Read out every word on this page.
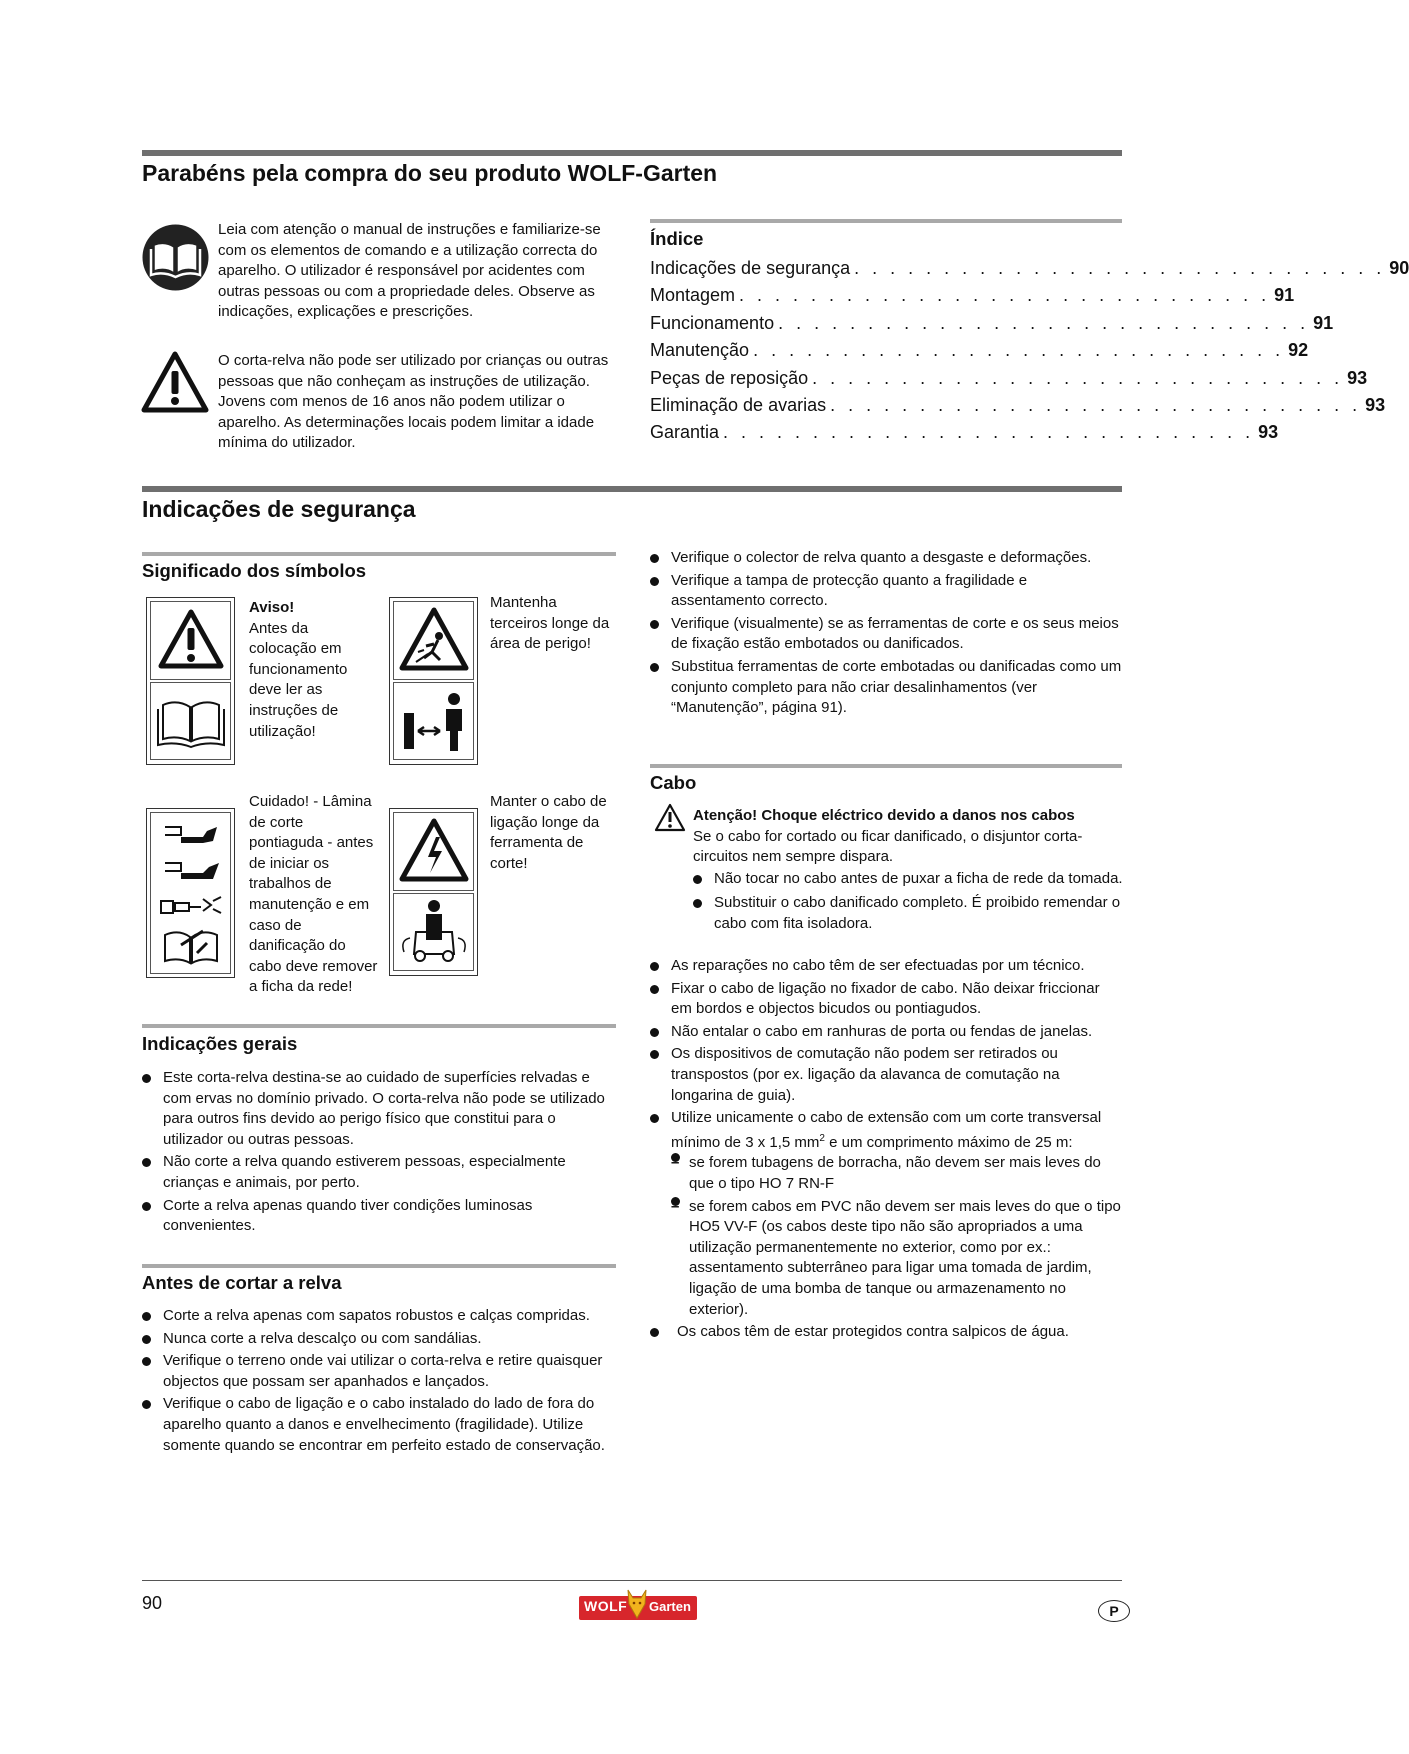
Parabéns pela compra do seu produto WOLF-Garten
Leia com atenção o manual de instruções e familiarize-se com os elementos de comando e a utilização correcta do aparelho. O utilizador é responsável por acidentes com outras pessoas ou com a propriedade deles. Observe as indicações, explicações e prescrições.
O corta-relva não pode ser utilizado por crianças ou outras pessoas que não conheçam as instruções de utilização. Jovens com menos de 16 anos não podem utilizar o aparelho. As determinações locais podem limitar a idade mínima do utilizador.
Índice
Indicações de segurança . . . . . . . . . . . . . . . . . . . . . . . . . . . . . . 90
Montagem . . . . . . . . . . . . . . . . . . . . . . . . . . . . . . 91
Funcionamento . . . . . . . . . . . . . . . . . . . . . . . . . . . . . . 91
Manutenção . . . . . . . . . . . . . . . . . . . . . . . . . . . . . . 92
Peças de reposição . . . . . . . . . . . . . . . . . . . . . . . . . . . . . . 93
Eliminação de avarias . . . . . . . . . . . . . . . . . . . . . . . . . . . . . . 93
Garantia . . . . . . . . . . . . . . . . . . . . . . . . . . . . . . 93
Indicações de segurança
Significado dos símbolos
Aviso!
Antes da colocação em funcionamento deve ler as instruções de utilização!
Mantenha terceiros longe da área de perigo!
Cuidado! - Lâmina de corte pontiaguda - antes de iniciar os trabalhos de manutenção e em caso de danificação do cabo deve remover a ficha da rede!
Manter o cabo de ligação longe da ferramenta de corte!
Indicações gerais
Este corta-relva destina-se ao cuidado de superfícies relvadas e com ervas no domínio privado. O corta-relva não pode se utilizado para outros fins devido ao perigo físico que constitui para o utilizador ou outras pessoas.
Não corte a relva quando estiverem pessoas, especialmente crianças e animais, por perto.
Corte a relva apenas quando tiver condições luminosas convenientes.
Antes de cortar a relva
Corte a relva apenas com sapatos robustos e calças compridas.
Nunca corte a relva descalço ou com sandálias.
Verifique o terreno onde vai utilizar o corta-relva e retire quaisquer objectos que possam ser apanhados e lançados.
Verifique o cabo de ligação e o cabo instalado do lado de fora do aparelho quanto a danos e envelhecimento (fragilidade). Utilize somente quando se encontrar em perfeito estado de conservação.
Verifique o colector de relva quanto a desgaste e deformações.
Verifique a tampa de protecção quanto a fragilidade e assentamento correcto.
Verifique (visualmente) se as ferramentas de corte e os seus meios de fixação estão embotados ou danificados.
Substitua ferramentas de corte embotadas ou danificadas como um conjunto completo para não criar desalinhamentos (ver “Manutenção”, página 91).
Cabo
Atenção! Choque eléctrico devido a danos nos cabos
Se o cabo for cortado ou ficar danificado, o disjuntor corta-circuitos nem sempre dispara.
Não tocar no cabo antes de puxar a ficha de rede da tomada.
Substituir o cabo danificado completo. É proibido remendar o cabo com fita isoladora.
As reparações no cabo têm de ser efectuadas por um técnico.
Fixar o cabo de ligação no fixador de cabo. Não deixar friccionar em bordos e objectos bicudos ou pontiagudos.
Não entalar o cabo em ranhuras de porta ou fendas de janelas.
Os dispositivos de comutação não podem ser retirados ou transpostos (por ex. ligação da alavanca de comutação na longarina de guia).
Utilize unicamente o cabo de extensão com um corte transversal mínimo de 3 x 1,5 $mm^2$ e um comprimento máximo de 25 m:
– se forem tubagens de borracha, não devem ser mais leves do que o tipo HO 7 RN-F
– se forem cabos em PVC não devem ser mais leves do que o tipo HO5 VV-F (os cabos deste tipo não são apropriados a uma utilização permanentemente no exterior, como por ex.: assentamento subterrâneo para ligar uma tomada de jardim, ligação de uma bomba de tanque ou armazenamento no exterior).
Os cabos têm de estar protegidos contra salpicos de água.
90	WOLF Garten	P
